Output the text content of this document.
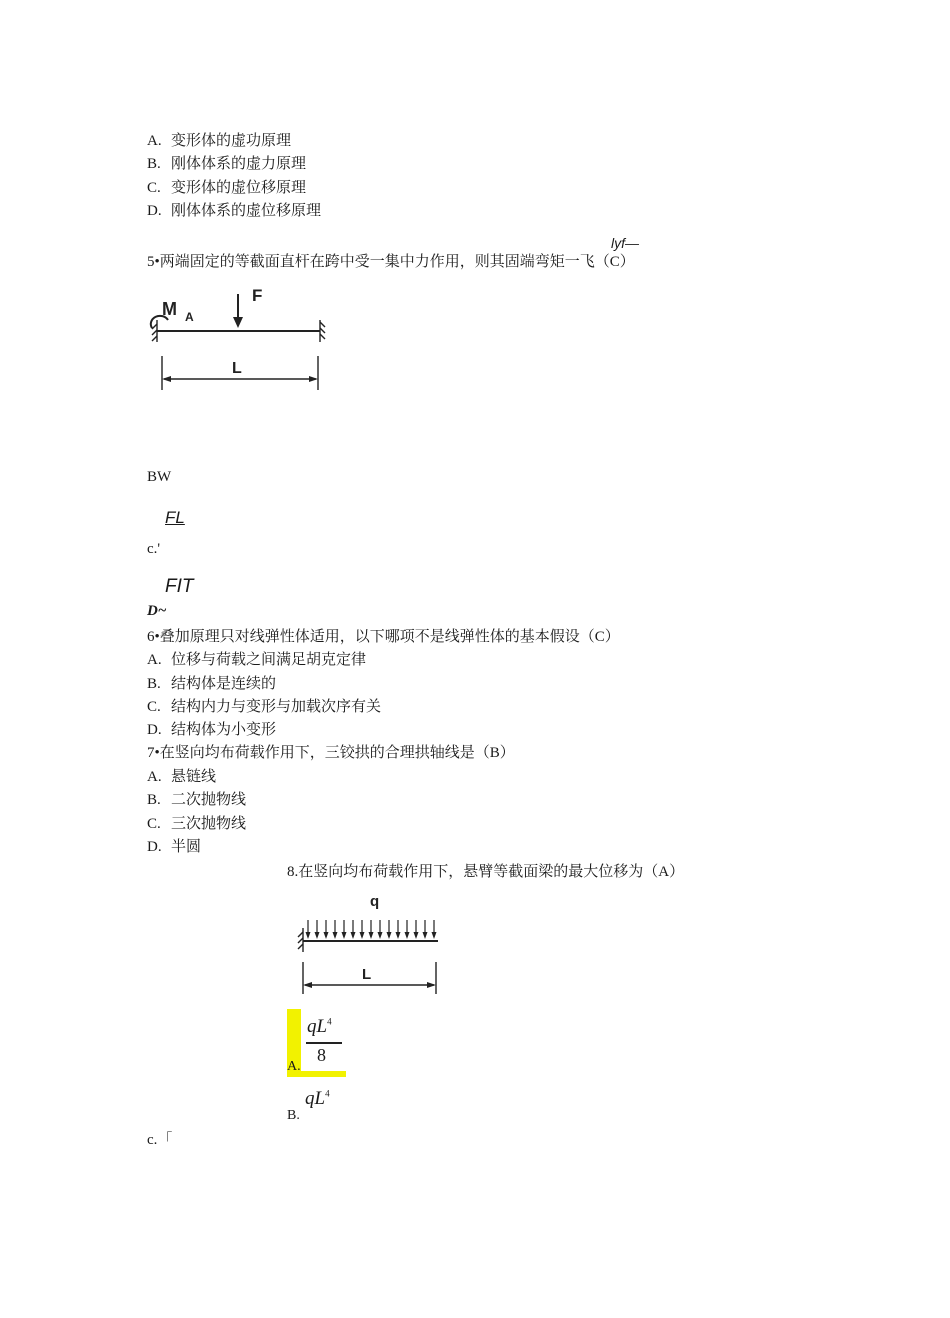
A. 变形体的虚功原理
B. 刚体体系的虚力原理
C. 变形体的虚位移原理
D. 刚体体系的虚位移原理
lyf—
5•两端固定的等截面直杆在跨中受一集中力作用，则其固端弯矩一飞（C）
F
M A
L
BW
FL
c.'
FIT
D~
6•叠加原理只对线弹性体适用，以下哪项不是线弹性体的基本假设（C）
A. 位移与荷载之间满足胡克定律
B. 结构体是连续的
C. 结构内力与变形与加载次序有关
D. 结构体为小变形
7•在竖向均布荷载作用下，三铰拱的合理拱轴线是（B）
A. 悬链线
B. 二次抛物线
C. 三次抛物线
D. 半圆
8.在竖向均布荷载作用下，悬臂等截面梁的最大位移为（A）
q
L
A.
$qL^4$
8
B.
$qL^4$
c.「
